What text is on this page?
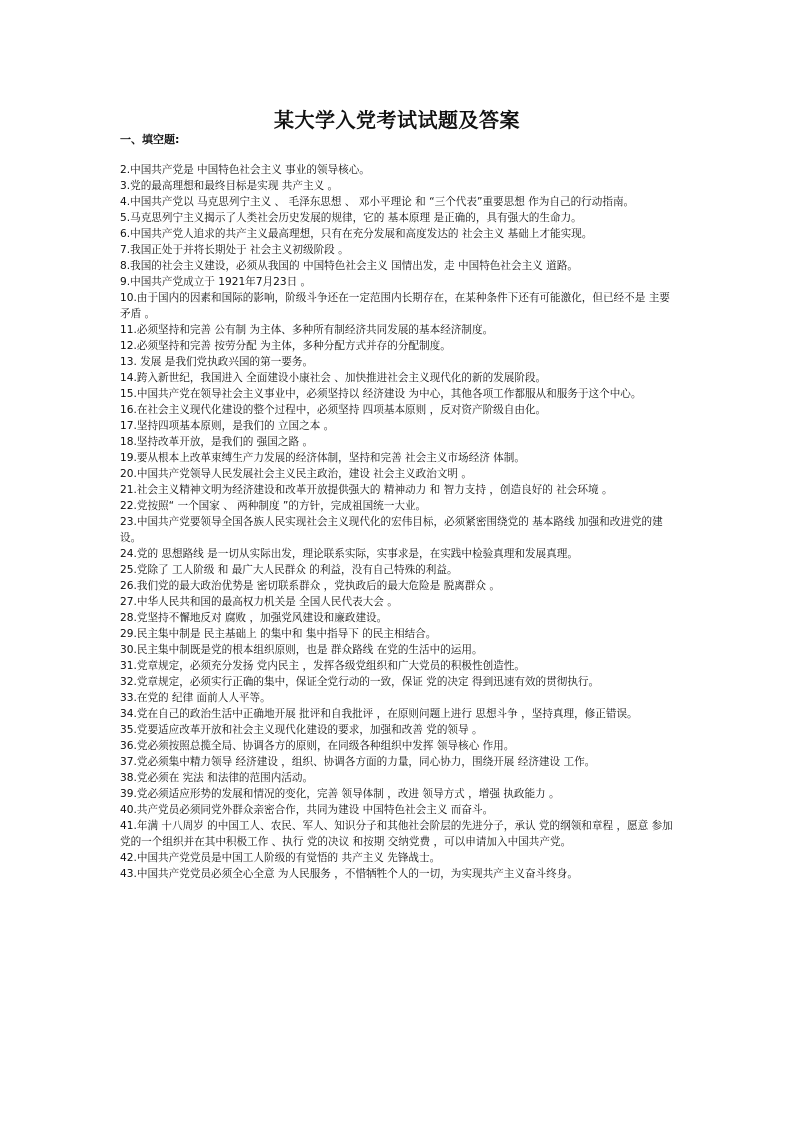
某大学入党考试试题及答案
一、填空题:
2.中国共产党是 中国特色社会主义 事业的领导核心。
3.党的最高理想和最终目标是实现 共产主义 。
4.中国共产党以 马克思列宁主义 、 毛泽东思想 、 邓小平理论 和 “三个代表”重要思想 作为自己的行动指南。
5.马克思列宁主义揭示了人类社会历史发展的规律，它的 基本原理 是正确的，具有强大的生命力。
6.中国共产党人追求的共产主义最高理想，只有在充分发展和高度发达的 社会主义 基础上才能实现。
7.我国正处于并将长期处于 社会主义初级阶段 。
8.我国的社会主义建设，必须从我国的 中国特色社会主义 国情出发，走 中国特色社会主义 道路。
9.中国共产党成立于 1921年7月23日 。
10.由于国内的因素和国际的影响，阶级斗争还在一定范围内长期存在，在某种条件下还有可能激化，但已经不是 主要矛盾 。
11.必须坚持和完善 公有制 为主体、多种所有制经济共同发展的基本经济制度。
12.必须坚持和完善 按劳分配 为主体，多种分配方式并存的分配制度。
13. 发展 是我们党执政兴国的第一要务。
14.跨入新世纪，我国进入 全面建设小康社会 、加快推进社会主义现代化的新的发展阶段。
15.中国共产党在领导社会主义事业中，必须坚持以 经济建设 为中心，其他各项工作都服从和服务于这个中心。
16.在社会主义现代化建设的整个过程中，必须坚持 四项基本原则 ，反对资产阶级自由化。
17.坚持四项基本原则，是我们的 立国之本 。
18.坚持改革开放，是我们的 强国之路 。
19.要从根本上改革束缚生产力发展的经济体制，坚持和完善 社会主义市场经济 体制。
20.中国共产党领导人民发展社会主义民主政治，建设 社会主义政治文明 。
21.社会主义精神文明为经济建设和改革开放提供强大的 精神动力 和 智力支持 ，创造良好的 社会环境 。
22.党按照“ 一个国家 、 两种制度 ”的方针，完成祖国统一大业。
23.中国共产党要领导全国各族人民实现社会主义现代化的宏伟目标，必须紧密围绕党的 基本路线 加强和改进党的建设。
24.党的 思想路线 是一切从实际出发，理论联系实际，实事求是，在实践中检验真理和发展真理。
25.党除了 工人阶级 和 最广大人民群众 的利益，没有自己特殊的利益。
26.我们党的最大政治优势是 密切联系群众 ，党执政后的最大危险是 脱离群众 。
27.中华人民共和国的最高权力机关是 全国人民代表大会 。
28.党坚持不懈地反对 腐败 ，加强党风建设和廉政建设。
29.民主集中制是 民主基础上 的集中和 集中指导下 的民主相结合。
30.民主集中制既是党的根本组织原则，也是 群众路线 在党的生活中的运用。
31.党章规定，必须充分发扬 党内民主 ，发挥各级党组织和广大党员的积极性创造性。
32.党章规定，必须实行正确的集中，保证全党行动的一致，保证 党的决定 得到迅速有效的贯彻执行。
33.在党的 纪律 面前人人平等。
34.党在自己的政治生活中正确地开展 批评和自我批评 ，在原则问题上进行 思想斗争 ，坚持真理，修正错误。
35.党要适应改革开放和社会主义现代化建设的要求，加强和改善 党的领导 。
36.党必须按照总揽全局、协调各方的原则，在同级各种组织中发挥 领导核心 作用。
37.党必须集中精力领导 经济建设 ，组织、协调各方面的力量，同心协力，围绕开展 经济建设 工作。
38.党必须在 宪法 和法律的范围内活动。
39.党必须适应形势的发展和情况的变化，完善 领导体制 ，改进 领导方式 ，增强 执政能力 。
40.共产党员必须同党外群众亲密合作，共同为建设 中国特色社会主义 而奋斗。
41.年满 十八周岁 的中国工人、农民、军人、知识分子和其他社会阶层的先进分子，承认 党的纲领和章程 ，愿意 参加党的一个组织并在其中积极工作 、执行 党的决议 和按期 交纳党费 ，可以申请加入中国共产党。
42.中国共产党党员是中国工人阶级的有觉悟的 共产主义 先锋战士。
43.中国共产党党员必须全心全意 为人民服务 ，不惜牺牲个人的一切，为实现共产主义奋斗终身。
